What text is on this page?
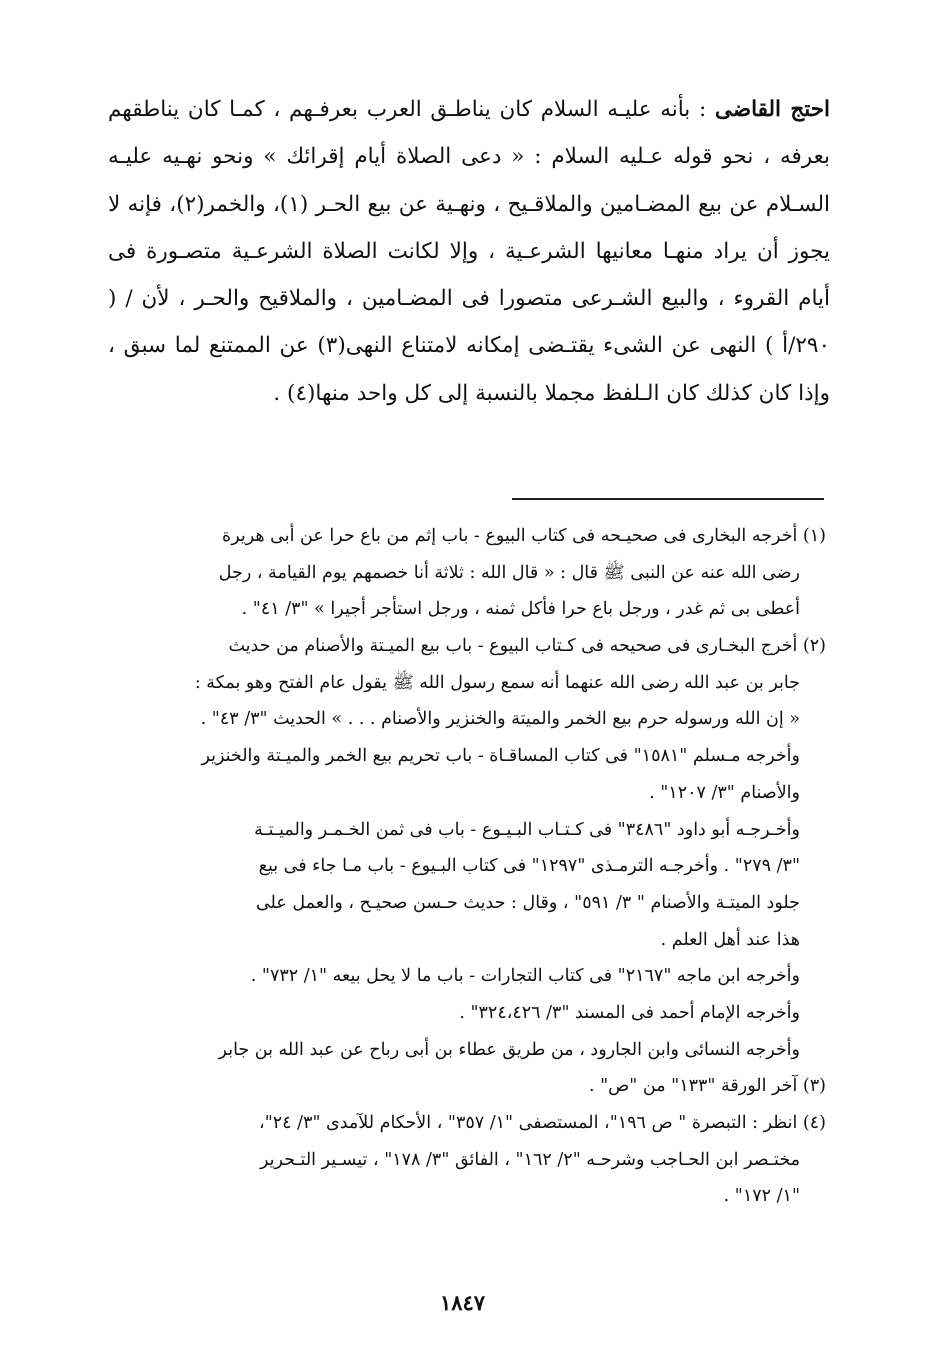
احتج القاضى : بأنه عليـه السلام كان يناطـق العرب بعرفـهم ، كمـا كان يناطقهم بعرفه ، نحو قوله عـليه السلام : « دعى الصلاة أيام إقرائك » ونحو نهـيه عليـه السـلام عن بيع المضـامين والملاقـيح ، ونهـية عن بيع الحـر (١)، والخمر(٢)، فإنه لا يجوز أن يراد منهـا معانيها الشرعـية ، وإلا لكانت الصلاة الشرعـية متصـورة فى أيام القروء ، والبيع الشـرعى متصورا فى المضـامين ، والملاقيح والحـر ، لأن / ( ٢٩٠/أ ) النهى عن الشىء يقتـضى إمكانه لامتناع النهى(٣) عن الممتنع لما سبق ، وإذا كان كذلك كان الـلفظ مجملا بالنسبة إلى كل واحد منها(٤) .
(١) أخرجه البخارى فى صحيـحه فى كتاب البيوع - باب إثم من باع حرا عن أبى هريرة
رضى الله عنه عن النبى ﷺ قال : « قال الله : ثلاثة أنا خصمهم يوم القيامة ، رجل
أعطى بى ثم غدر ، ورجل باع حرا فأكل ثمنه ، ورجل استأجر أجيرا » "٣/ ٤١" .
(٢) أخرج البخـارى فى صحيحه فى كـتاب البيوع - باب بيع الميـتة والأصنام من حديث
جابر بن عبد الله رضى الله عنهما أنه سمع رسول الله ﷺ يقول عام الفتح وهو بمكة :
« إن الله ورسوله حرم بيع الخمر والميتة والخنزير والأصنام . . . » الحديث "٣/ ٤٣" .
وأخرجه مـسلم "١٥٨١" فى كتاب المساقـاة - باب تحريم بيع الخمر والميـتة والخنزير
والأصنام "٣/ ١٢٠٧" .
وأخـرجـه أبو داود "٣٤٨٦" فى كـتـاب البـيـوع - باب فى ثمن الخـمـر والميـتـة
"٣/ ٢٧٩" . وأخرجـه الترمـذى "١٢٩٧" فى كتاب البـيوع - باب مـا جاء فى بيع
جلود الميتـة والأصنام " ٣/ ٥٩١" ، وقال : حديث حـسن صحيـح ، والعمل على
هذا عند أهل العلم .
وأخرجه ابن ماجه "٢١٦٧" فى كتاب التجارات - باب ما لا يحل بيعه "١/ ٧٣٢" .
وأخرجه الإمام أحمد فى المسند "٣/ ٣٢٤،٤٢٦" .
وأخرجه النسائى وابن الجارود ، من طريق عطاء بن أبى رباح عن عبد الله بن جابر
(٣) آخر الورقة "١٣٣" من "ص" .
(٤) انظر : التبصرة " ص ١٩٦"، المستصفى "١/ ٣٥٧" ، الأحكام للآمدى "٣/ ٢٤"،
مختـصر ابن الحـاجب وشرحـه "٢/ ١٦٢" ، الفائق "٣/ ١٧٨" ، تيسـير التـحرير
"١/ ١٧٢" .
١٨٤٧
